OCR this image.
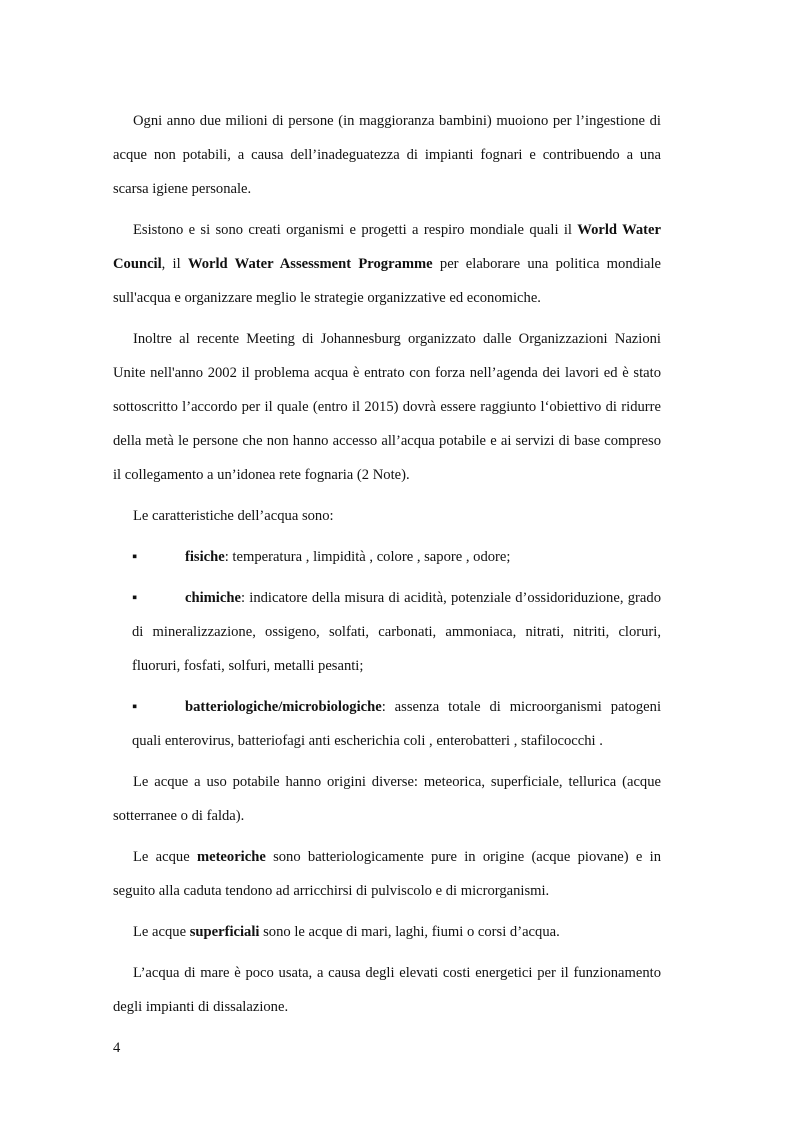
Ogni anno due milioni di persone (in maggioranza bambini) muoiono per l’ingestione di acque non potabili, a causa dell’inadeguatezza di impianti fognari e contribuendo a una scarsa igiene personale.

Esistono e si sono creati organismi e progetti a respiro mondiale quali il World Water Council, il World Water Assessment Programme per elaborare una politica mondiale sull'acqua e organizzare meglio le strategie organizzative ed economiche.

Inoltre al recente Meeting di Johannesburg organizzato dalle Organizzazioni Nazioni Unite nell'anno 2002 il problema acqua è entrato con forza nell’agenda dei lavori ed è stato sottoscritto l’accordo per il quale (entro il 2015) dovrà essere raggiunto l‘obiettivo di ridurre della metà le persone che non hanno accesso all’acqua potabile e ai servizi di base compreso il collegamento a un’idonea rete fognaria (2 Note).

Le caratteristiche dell’acqua sono:

▪	fisiche: temperatura , limpidità , colore , sapore , odore;
▪	chimiche: indicatore della misura di acidità, potenziale d’ossidoriduzione, grado di mineralizzazione, ossigeno, solfati, carbonati, ammoniaca, nitrati, nitriti, cloruri, fluoruri, fosfati, solfuri, metalli pesanti;
▪	batteriologiche/microbiologiche: assenza totale di microorganismi patogeni quali enterovirus, batteriofagi anti escherichia coli , enterobatteri , stafilococchi .

Le acque a uso potabile hanno origini diverse: meteorica, superficiale, tellurica (acque sotterranee o di falda).

Le acque meteoriche sono batteriologicamente pure in origine (acque piovane) e in seguito alla caduta tendono ad arricchirsi di pulviscolo e di microrganismi.

Le acque superficiali sono le acque di mari, laghi, fiumi o corsi d’acqua.

L’acqua di mare è poco usata, a causa degli elevati costi energetici per il funzionamento degli impianti di dissalazione.

4
